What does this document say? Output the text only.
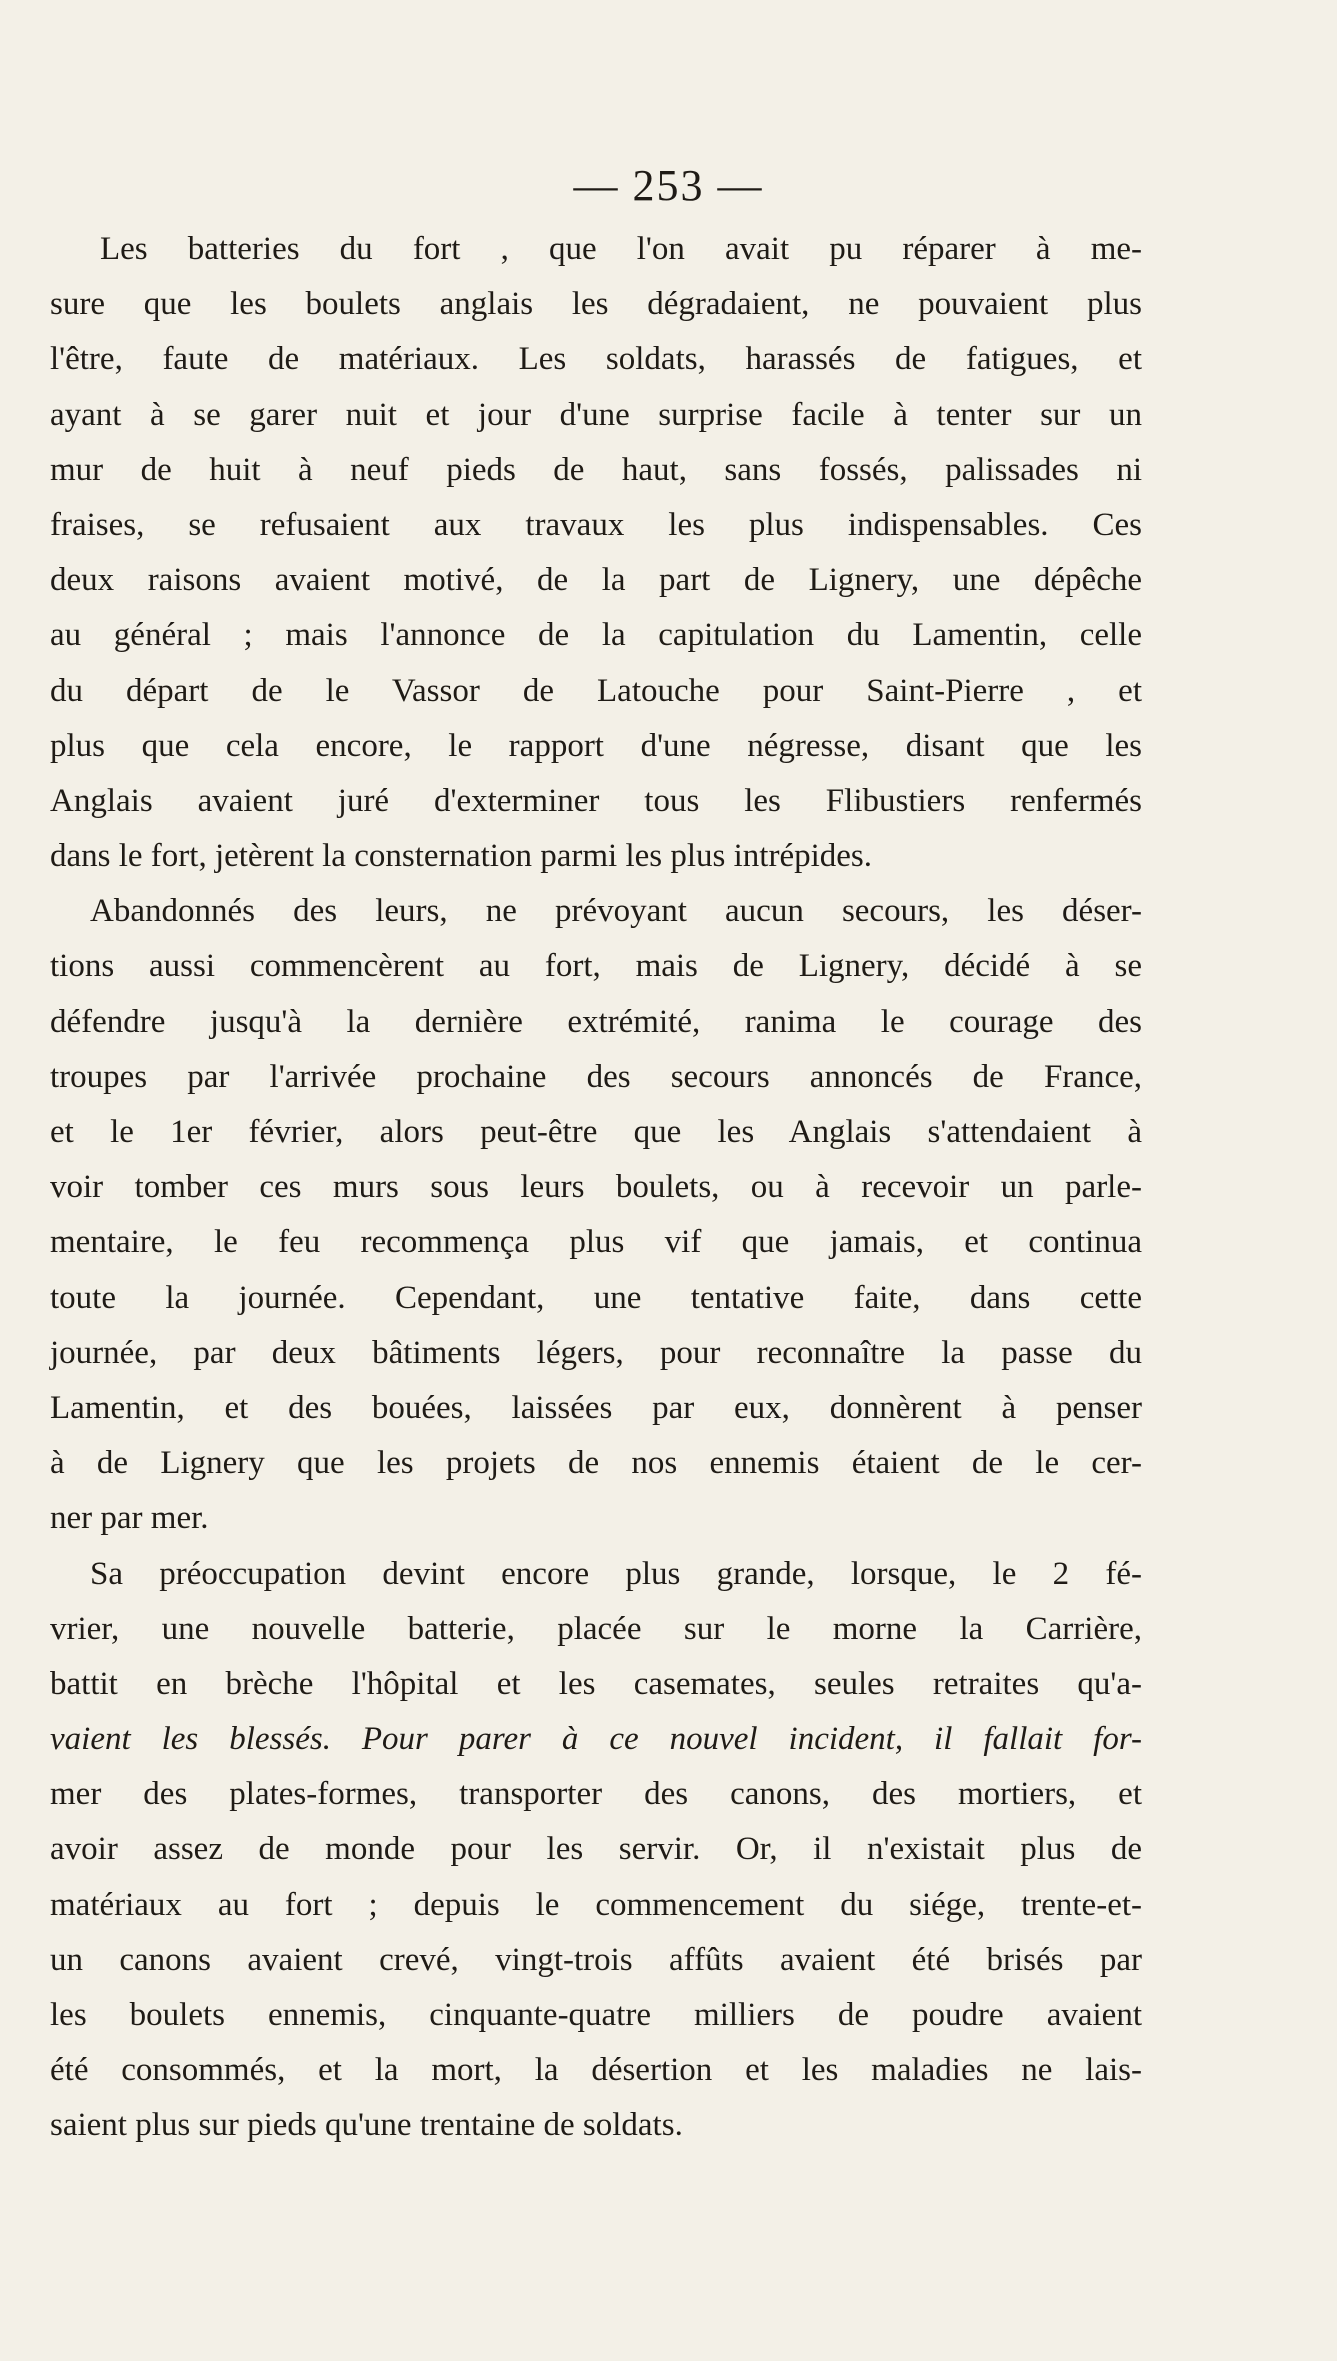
— 253 —
Les batteries du fort , que l'on avait pu réparer à me-
sure que les boulets anglais les dégradaient, ne pouvaient plus
l'être, faute de matériaux. Les soldats, harassés de fatigues, et
ayant à se garer nuit et jour d'une surprise facile à tenter sur un
mur de huit à neuf pieds de haut, sans fossés, palissades ni
fraises, se refusaient aux travaux les plus indispensables. Ces
deux raisons avaient motivé, de la part de Lignery, une dépêche
au général ; mais l'annonce de la capitulation du Lamentin, celle
du départ de le Vassor de Latouche pour Saint-Pierre , et
plus que cela encore, le rapport d'une négresse, disant que les
Anglais avaient juré d'exterminer tous les Flibustiers renfermés
dans le fort, jetèrent la consternation parmi les plus intrépides.
Abandonnés des leurs, ne prévoyant aucun secours, les déser-
tions aussi commencèrent au fort, mais de Lignery, décidé à se
défendre jusqu'à la dernière extrémité, ranima le courage des
troupes par l'arrivée prochaine des secours annoncés de France,
et le 1er février, alors peut-être que les Anglais s'attendaient à
voir tomber ces murs sous leurs boulets, ou à recevoir un parle-
mentaire, le feu recommença plus vif que jamais, et continua
toute la journée. Cependant, une tentative faite, dans cette
journée, par deux bâtiments légers, pour reconnaître la passe du
Lamentin, et des bouées, laissées par eux, donnèrent à penser
à de Lignery que les projets de nos ennemis étaient de le cer-
ner par mer.
Sa préoccupation devint encore plus grande, lorsque, le 2 fé-
vrier, une nouvelle batterie, placée sur le morne la Carrière,
battit en brèche l'hôpital et les casemates, seules retraites qu'a-
vaient les blessés. Pour parer à ce nouvel incident, il fallait for-
mer des plates-formes, transporter des canons, des mortiers, et
avoir assez de monde pour les servir. Or, il n'existait plus de
matériaux au fort ; depuis le commencement du siége, trente-et-
un canons avaient crevé, vingt-trois affûts avaient été brisés par
les boulets ennemis, cinquante-quatre milliers de poudre avaient
été consommés, et la mort, la désertion et les maladies ne lais-
saient plus sur pieds qu'une trentaine de soldats.
